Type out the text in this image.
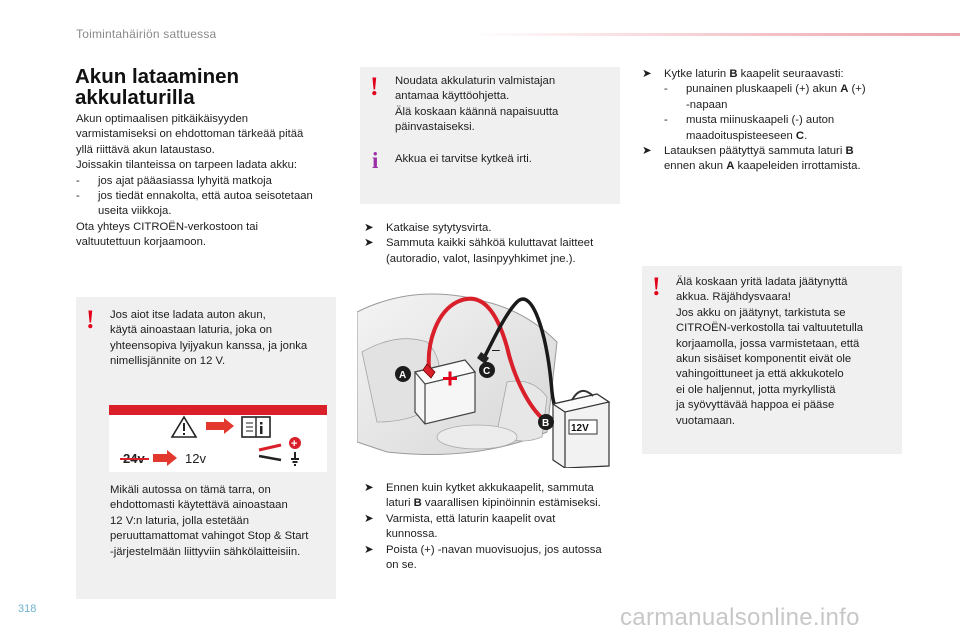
Toimintahäiriön sattuessa
Akun lataaminen
akkulaturilla
Akun optimaalisen pitkäikäisyyden
varmistamiseksi on ehdottoman tärkeää pitää
yllä riittävä akun lataustaso.
Joissakin tilanteissa on tarpeen ladata akku:
- jos ajat pääasiassa lyhyitä matkoja
- jos tiedät ennakolta, että autoa seisotetaan
useita viikkoja.
Ota yhteys CITROËN-verkostoon tai
valtuutettuun korjaamoon.
! Jos aiot itse ladata auton akun,
käytä ainoastaan laturia, joka on
yhteensopiva lyijyakun kanssa, ja jonka
nimellisjännite on 12 V.
24v	12v
+
Mikäli autossa on tämä tarra, on
ehdottomasti käytettävä ainoastaan
12 V:n laturia, jolla estetään
peruuttamattomat vahingot Stop & Start
-järjestelmään liittyviin sähkölaitteisiin.
! Noudata akkulaturin valmistajan
antamaa käyttöohjetta.
Älä koskaan käännä napaisuutta
päinvastaiseksi.
i Akkua ei tarvitse kytkeä irti.
➤ Katkaise sytytysvirta.
➤ Sammuta kaikki sähköä kuluttavat laitteet
(autoradio, valot, lasinpyyhkimet jne.).
–
A	C
12V
B
➤ Ennen kuin kytket akkukaapelit, sammuta
laturi B vaarallisen kipinöinnin estämiseksi.
➤ Varmista, että laturin kaapelit ovat
kunnossa.
➤ Poista (+) -navan muovisuojus, jos autossa
on se.
➤ Kytke laturin B kaapelit seuraavasti:
- punainen pluskaapeli (+) akun A (+)
-napaan
- musta miinuskaapeli (-) auton
maadoituspisteeseen C.
➤ Latauksen päätyttyä sammuta laturi B
ennen akun A kaapeleiden irrottamista.
! Älä koskaan yritä ladata jäätynyttä
akkua. Räjähdysvaara!
Jos akku on jäätynyt, tarkistuta se
CITROËN-verkostolla tai valtuutetulla
korjaamolla, jossa varmistetaan, että
akun sisäiset komponentit eivät ole
vahingoittuneet ja että akkukotelo
ei ole haljennut, jotta myrkyllistä
ja syövyttävää happoa ei pääse
vuotamaan.
318	carmanualsonline.info
